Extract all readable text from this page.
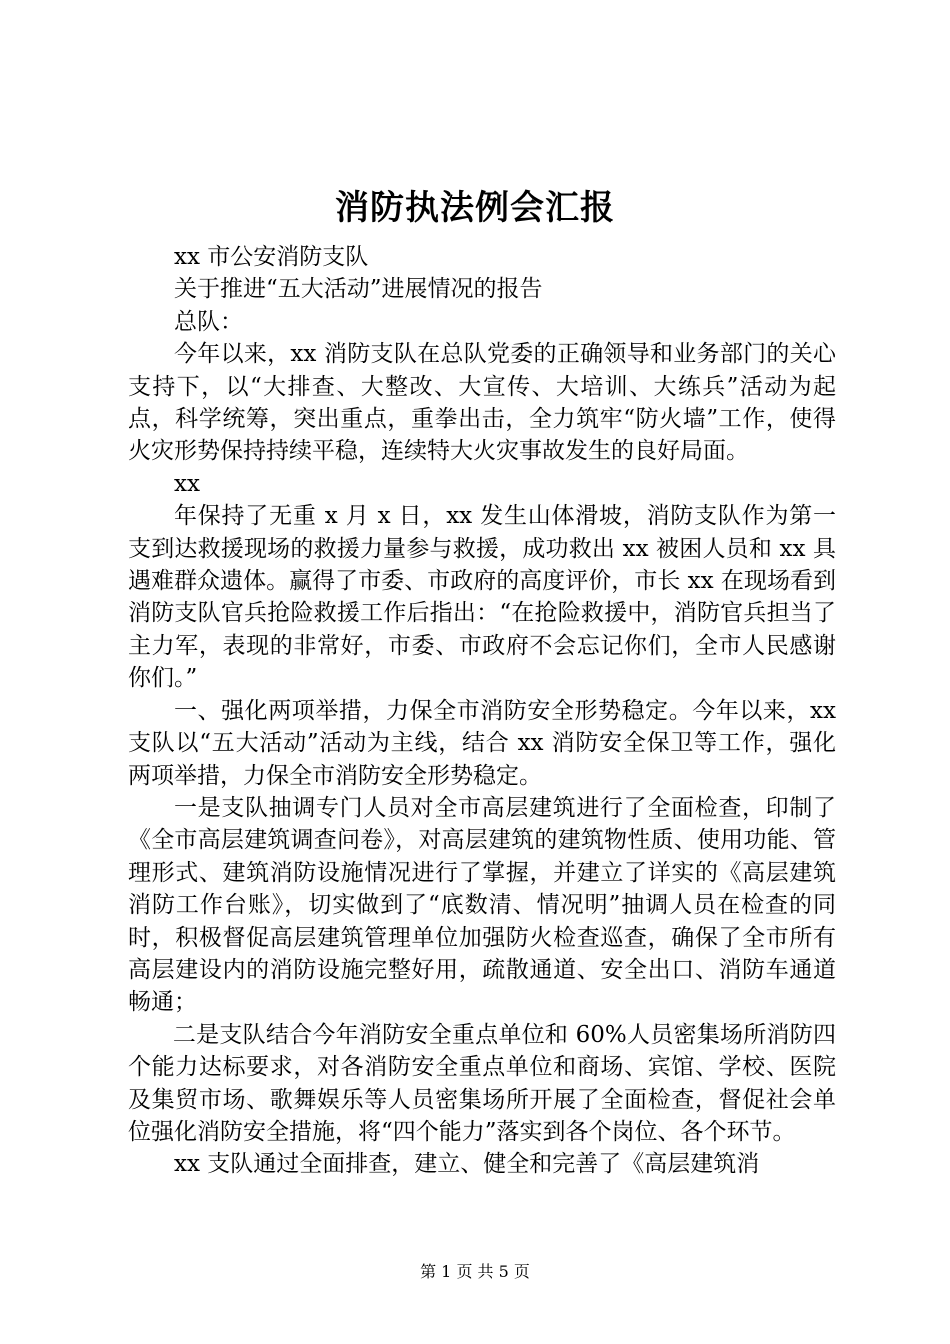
消防执法例会汇报

xx 市公安消防支队

关于推进“五大活动”进展情况的报告

总队：

今年以来，xx 消防支队在总队党委的正确领导和业务部门的关心支持下，以“大排查、大整改、大宣传、大培训、大练兵”活动为起点，科学统筹，突出重点，重拳出击，全力筑牢“防火墙”工作，使得火灾形势保持持续平稳，连续特大火灾事故发生的良好局面。

xx

年保持了无重 x 月 x 日，xx 发生山体滑坡，消防支队作为第一支到达救援现场的救援力量参与救援，成功救出 xx 被困人员和 xx 具遇难群众遗体。赢得了市委、市政府的高度评价，市长 xx 在现场看到消防支队官兵抢险救援工作后指出：“在抢险救援中，消防官兵担当了主力军，表现的非常好，市委、市政府不会忘记你们，全市人民感谢你们。”

一、强化两项举措，力保全市消防安全形势稳定。今年以来，xx 支队以“五大活动”活动为主线，结合 xx 消防安全保卫等工作，强化两项举措，力保全市消防安全形势稳定。

一是支队抽调专门人员对全市高层建筑进行了全面检查，印制了《全市高层建筑调查问卷》，对高层建筑的建筑物性质、使用功能、管理形式、建筑消防设施情况进行了掌握，并建立了详实的《高层建筑消防工作台账》，切实做到了“底数清、情况明”抽调人员在检查的同时，积极督促高层建筑管理单位加强防火检查巡查，确保了全市所有高层建设内的消防设施完整好用，疏散通道、安全出口、消防车通道畅通；

二是支队结合今年消防安全重点单位和 60%人员密集场所消防四个能力达标要求，对各消防安全重点单位和商场、宾馆、学校、医院及集贸市场、歌舞娱乐等人员密集场所开展了全面检查，督促社会单位强化消防安全措施，将“四个能力”落实到各个岗位、各个环节。

xx 支队通过全面排查，建立、健全和完善了《高层建筑消

第 1 页 共 5 页
